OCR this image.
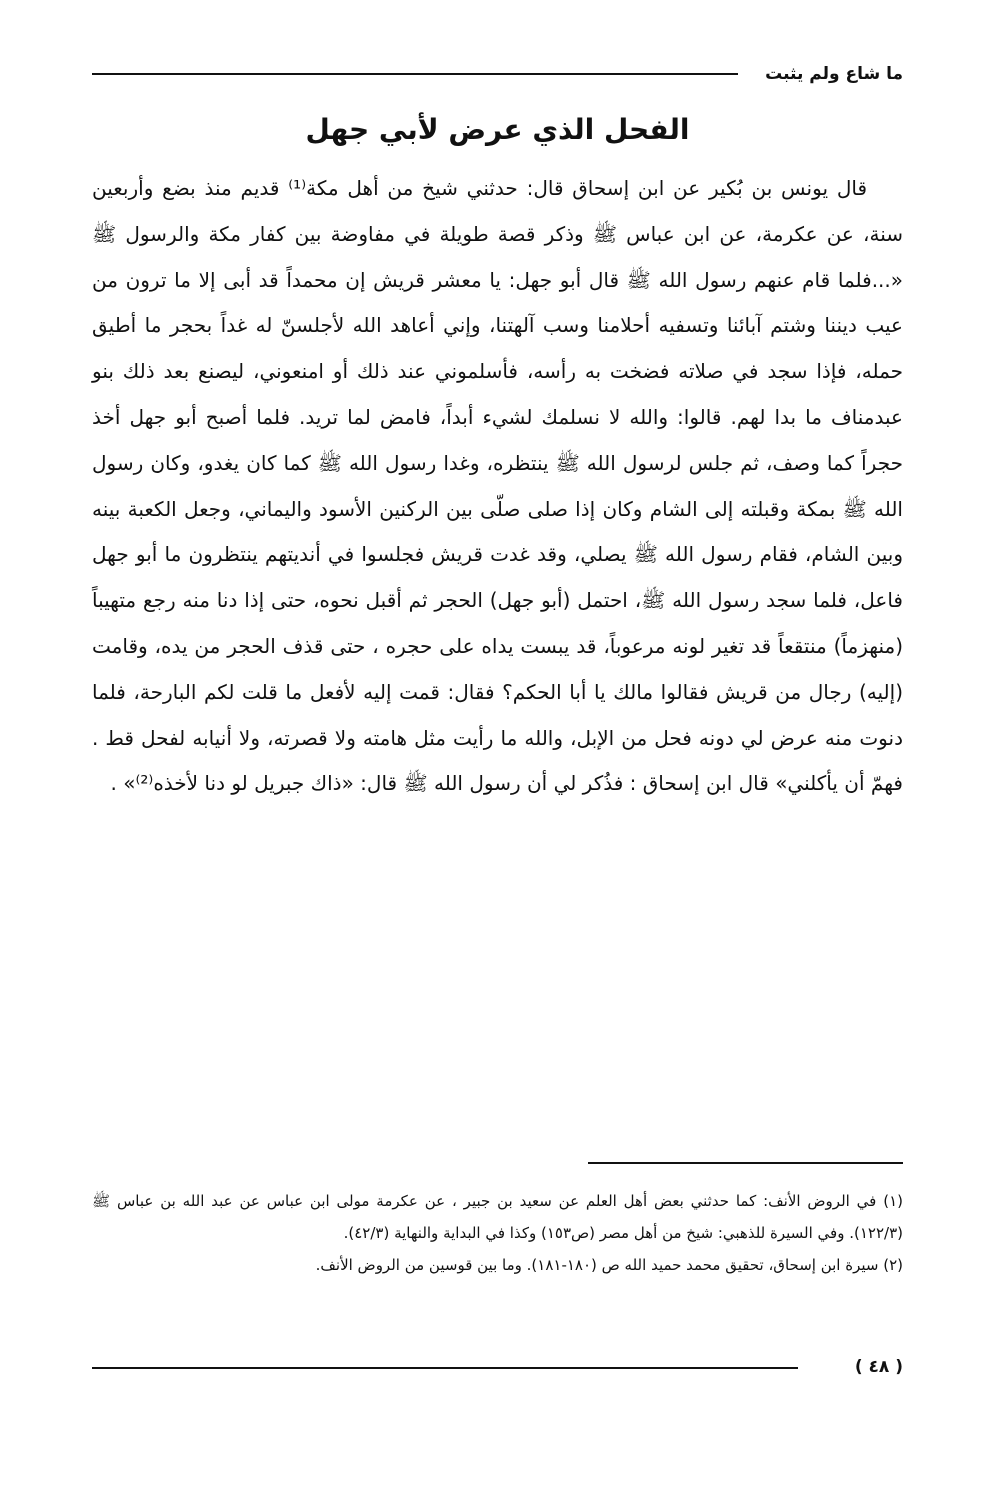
ما شاع ولم يثبت
الفحل الذي عرض لأبي جهل

قال يونس بن بُكير عن ابن إسحاق قال: حدثني شيخ من أهل مكة⁽¹⁾ قديم منذ بضع وأربعين سنة، عن عكرمة، عن ابن عباس ﷺ وذكر قصة طويلة في مفاوضة بين كفار مكة والرسول ﷺ «...فلما قام عنهم رسول الله ﷺ قال أبو جهل: يا معشر قريش إن محمداً قد أبى إلا ما ترون من عيب ديننا وشتم آبائنا وتسفيه أحلامنا وسب آلهتنا، وإني أعاهد الله لأجلسنّ له غداً بحجر ما أطيق حمله، فإذا سجد في صلاته فضخت به رأسه، فأسلموني عند ذلك أو امنعوني، ليصنع بعد ذلك بنو عبدمناف ما بدا لهم. قالوا: والله لا نسلمك لشيء أبداً، فامض لما تريد. فلما أصبح أبو جهل أخذ حجراً كما وصف، ثم جلس لرسول الله ﷺ ينتظره، وغدا رسول الله ﷺ كما كان يغدو، وكان رسول الله ﷺ بمكة وقبلته إلى الشام وكان إذا صلى صلّى بين الركنين الأسود واليماني، وجعل الكعبة بينه وبين الشام، فقام رسول الله ﷺ يصلي، وقد غدت قريش فجلسوا في أنديتهم ينتظرون ما أبو جهل فاعل، فلما سجد رسول الله ﷺ، احتمل (أبو جهل) الحجر ثم أقبل نحوه، حتى إذا دنا منه رجع متهيباً (منهزماً) منتقعاً قد تغير لونه مرعوباً، قد يبست يداه على حجره ، حتى قذف الحجر من يده، وقامت (إليه) رجال من قريش فقالوا مالك يا أبا الحكم؟ فقال: قمت إليه لأفعل ما قلت لكم البارحة، فلما دنوت منه عرض لي دونه فحل من الإبل، والله ما رأيت مثل هامته ولا قصرته، ولا أنيابه لفحل قط . فهمّ أن يأكلني» قال ابن إسحاق : فذُكر لي أن رسول الله ﷺ قال: «ذاك جبريل لو دنا لأخذه⁽²⁾» .

(١) في الروض الأنف: كما حدثني بعض أهل العلم عن سعيد بن جبير ، عن عكرمة مولى ابن عباس عن عبد الله بن عباس ﷺ (١٢٢/٣). وفي السيرة للذهبي: شيخ من أهل مصر (ص١٥٣) وكذا في البداية والنهاية (٤٢/٣).

(٢) سيرة ابن إسحاق، تحقيق محمد حميد الله ص (١٨٠-١٨١). وما بين قوسين من الروض الأنف.

( ٤٨ )
